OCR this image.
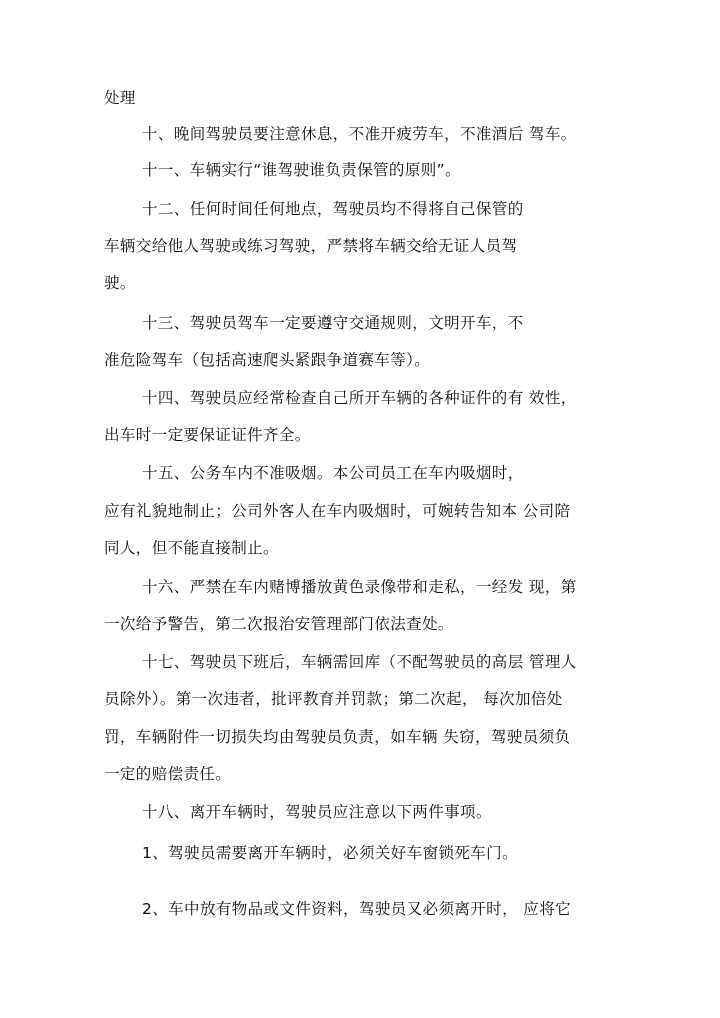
处理
十、晚间驾驶员要注意休息，不准开疲劳车，不准酒后 驾车。
十一、车辆实行“谁驾驶谁负责保管的原则”。
十二、任何时间任何地点，驾驶员均不得将自己保管的
车辆交给他人驾驶或练习驾驶，严禁将车辆交给无证人员驾
驶。
十三、驾驶员驾车一定要遵守交通规则，文明开车，不
准危险驾车（包括高速爬头紧跟争道赛车等）。
十四、驾驶员应经常检查自己所开车辆的各种证件的有 效性，
出车时一定要保证证件齐全。
十五、公务车内不准吸烟。本公司员工在车内吸烟时，
应有礼貌地制止；公司外客人在车内吸烟时，可婉转告知本 公司陪
同人，但不能直接制止。
十六、严禁在车内赌博播放黄色录像带和走私，一经发 现，第
一次给予警告，第二次报治安管理部门依法查处。
十七、驾驶员下班后，车辆需回库（不配驾驶员的高层 管理人
员除外）。第一次违者，批评教育并罚款；第二次起， 每次加倍处
罚，车辆附件一切损失均由驾驶员负责，如车辆 失窃，驾驶员须负
一定的赔偿责任。
十八、离开车辆时，驾驶员应注意以下两件事项。
1、驾驶员需要离开车辆时，必须关好车窗锁死车门。
2、车中放有物品或文件资料，驾驶员又必须离开时， 应将它
